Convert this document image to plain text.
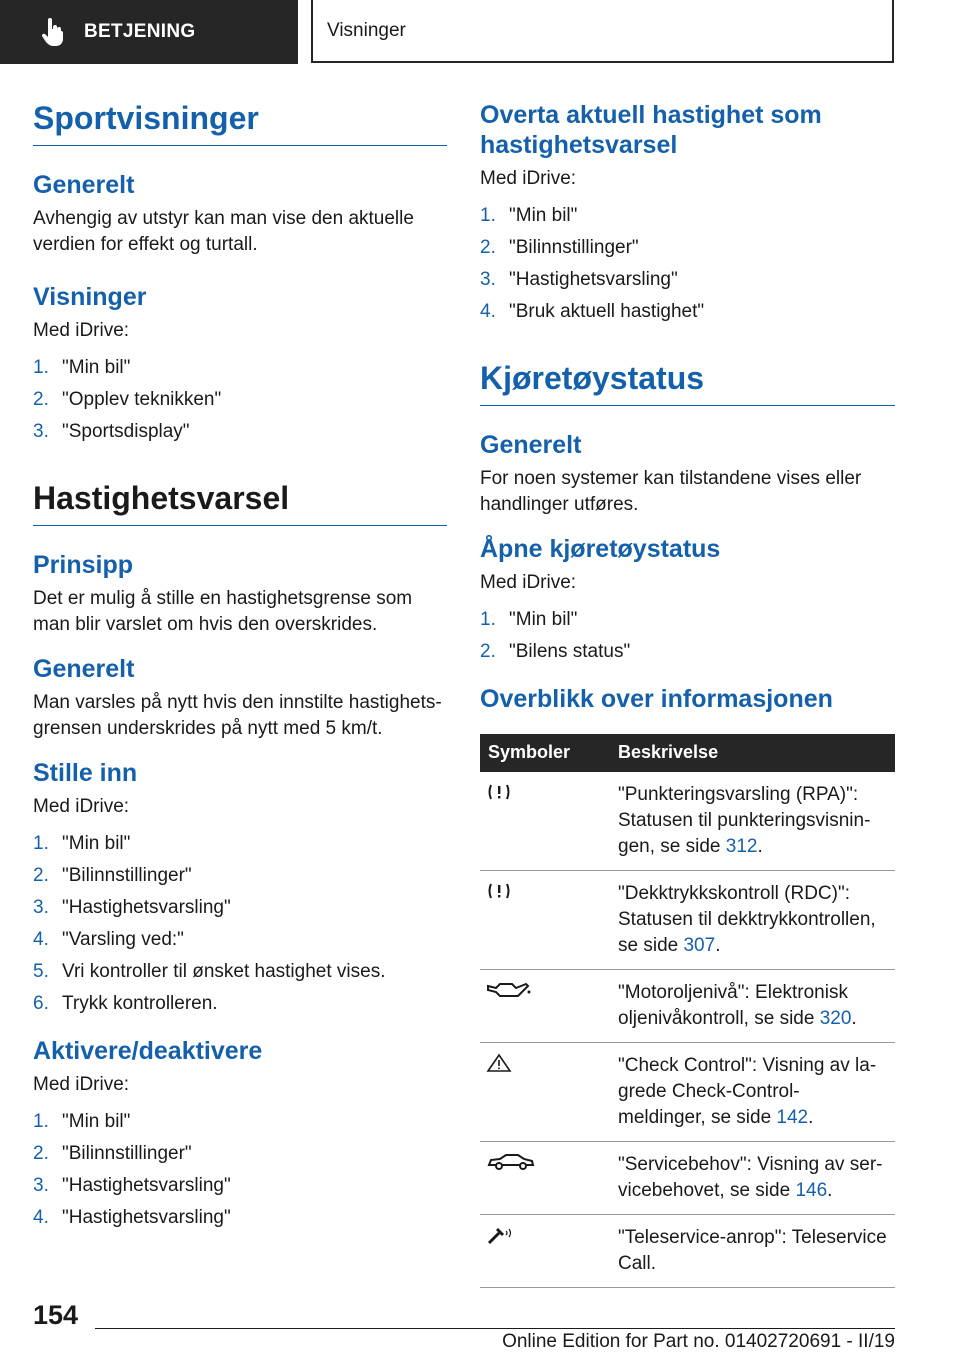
BETJENING	Visninger
Sportvisninger
Generelt

Avhengig av utstyr kan man vise den aktuelle verdien for effekt og turtall.

Visninger

Med iDrive:

1. "Min bil"
2. "Opplev teknikken"
3. "Sportsdisplay"
Hastighetsvarsel
Prinsipp

Det er mulig å stille en hastighetsgrense som man blir varslet om hvis den overskrides.

Generelt

Man varsles på nytt hvis den innstilte hastighetsgrensen underskrides på nytt med 5 km/t.

Stille inn

Med iDrive:

1. "Min bil"
2. "Bilinnstillinger"
3. "Hastighetsvarsling"
4. "Varsling ved:"
5. Vri kontroller til ønsket hastighet vises.
6. Trykk kontrolleren.
Aktivere/deaktivere

Med iDrive:

1. "Min bil"
2. "Bilinnstillinger"
3. "Hastighetsvarsling"
4. "Hastighetsvarsling"
Overta aktuell hastighet som hastighetsvarsel

Med iDrive:

1. "Min bil"
2. "Bilinnstillinger"
3. "Hastighetsvarsling"
4. "Bruk aktuell hastighet"
Kjøretøystatus
Generelt

For noen systemer kan tilstandene vises eller handlinger utføres.

Åpne kjøretøystatus

Med iDrive:

1. "Min bil"
2. "Bilens status"
Overblikk over informasjonen
Symboler	Beskrivelse
	"Punkteringsvarsling (RPA)": Statusen til punkteringsvisningen, se side 312.
	"Dekktrykkskontroll (RDC)": Statusen til dekktrykkontrollen, se side 307.
	"Motoroljenivå": Elektronisk oljenivåkontroll, se side 320.
	"Check Control": Visning av lagrede Check-Control-meldinger, se side 142.
	"Servicebehov": Visning av servicebehovet, se side 146.
	"Teleservice-anrop": Teleservice Call.
154
Online Edition for Part no. 01402720691 - II/19
